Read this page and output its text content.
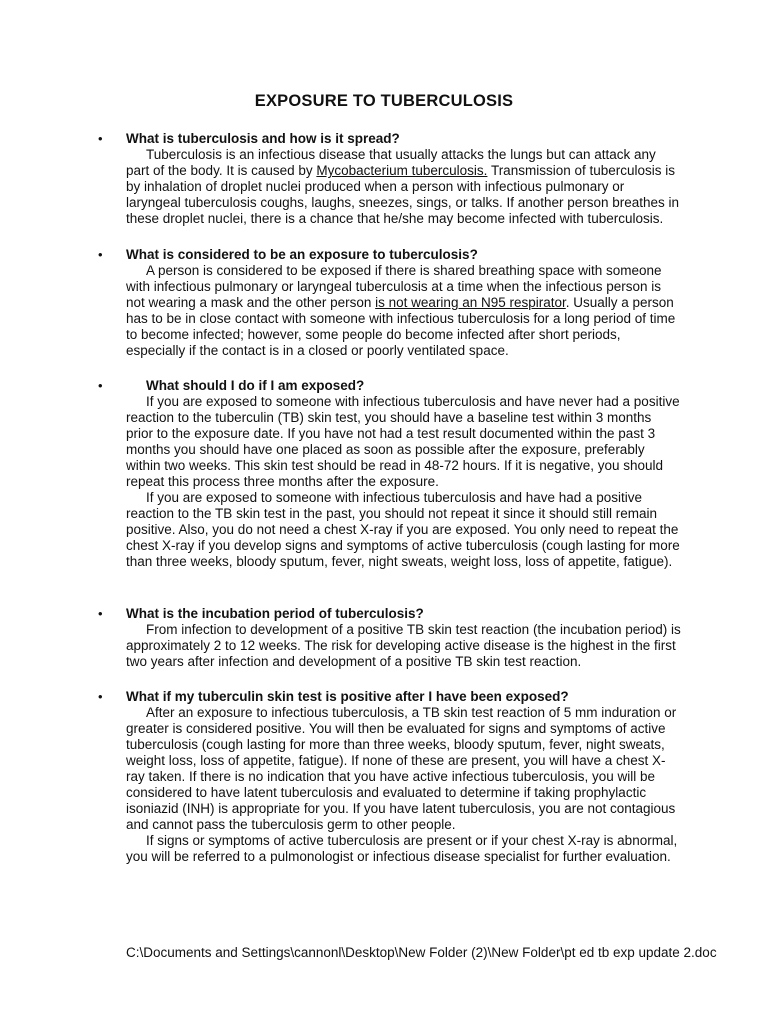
EXPOSURE TO TUBERCULOSIS

• What is tuberculosis and how is it spread?

Tuberculosis is an infectious disease that usually attacks the lungs but can attack any part of the body. It is caused by Mycobacterium tuberculosis. Transmission of tuberculosis is by inhalation of droplet nuclei produced when a person with infectious pulmonary or laryngeal tuberculosis coughs, laughs, sneezes, sings, or talks. If another person breathes in these droplet nuclei, there is a chance that he/she may become infected with tuberculosis.

• What is considered to be an exposure to tuberculosis?

A person is considered to be exposed if there is shared breathing space with someone with infectious pulmonary or laryngeal tuberculosis at a time when the infectious person is not wearing a mask and the other person is not wearing an N95 respirator. Usually a person has to be in close contact with someone with infectious tuberculosis for a long period of time to become infected; however, some people do become infected after short periods, especially if the contact is in a closed or poorly ventilated space.

•	What should I do if I am exposed?

If you are exposed to someone with infectious tuberculosis and have never had a positive reaction to the tuberculin (TB) skin test, you should have a baseline test within 3 months prior to the exposure date. If you have not had a test result documented within the past 3 months you should have one placed as soon as possible after the exposure, preferably within two weeks. This skin test should be read in 48-72 hours. If it is negative, you should repeat this process three months after the exposure.

If you are exposed to someone with infectious tuberculosis and have had a positive reaction to the TB skin test in the past, you should not repeat it since it should still remain positive. Also, you do not need a chest X-ray if you are exposed. You only need to repeat the chest X-ray if you develop signs and symptoms of active tuberculosis (cough lasting for more than three weeks, bloody sputum, fever, night sweats, weight loss, loss of appetite, fatigue).

• What is the incubation period of tuberculosis?

From infection to development of a positive TB skin test reaction (the incubation period) is approximately 2 to 12 weeks. The risk for developing active disease is the highest in the first two years after infection and development of a positive TB skin test reaction.

• What if my tuberculin skin test is positive after I have been exposed?

After an exposure to infectious tuberculosis, a TB skin test reaction of 5 mm induration or greater is considered positive. You will then be evaluated for signs and symptoms of active tuberculosis (cough lasting for more than three weeks, bloody sputum, fever, night sweats, weight loss, loss of appetite, fatigue). If none of these are present, you will have a chest X-ray taken. If there is no indication that you have active infectious tuberculosis, you will be considered to have latent tuberculosis and evaluated to determine if taking prophylactic isoniazid (INH) is appropriate for you. If you have latent tuberculosis, you are not contagious and cannot pass the tuberculosis germ to other people.

If signs or symptoms of active tuberculosis are present or if your chest X-ray is abnormal, you will be referred to a pulmonologist or infectious disease specialist for further evaluation.

C:\Documents and Settings\cannonl\Desktop\New Folder (2)\New Folder\pt ed tb exp update 2.doc
